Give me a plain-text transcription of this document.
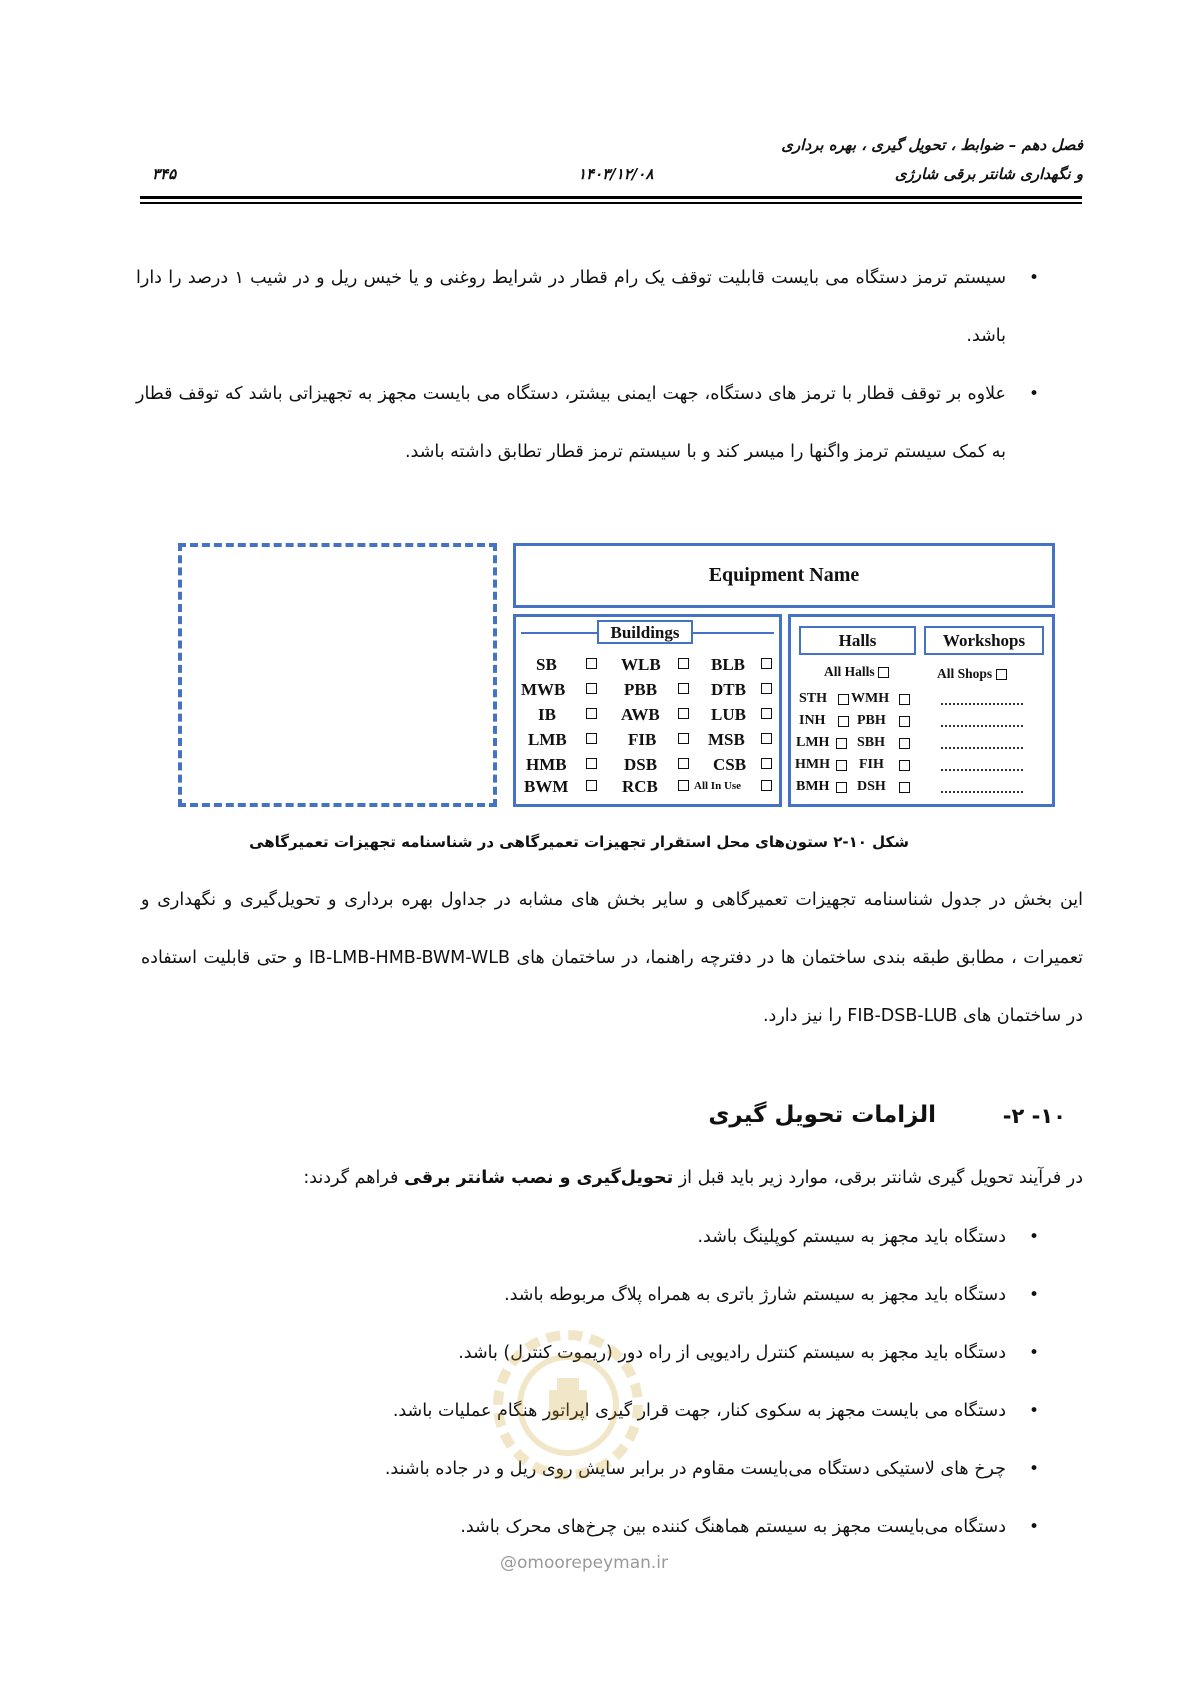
فصل دهم – ضوابط ، تحویل گیری ، بهره برداری
و نگهداری شانتر برقی شارژی
۱۴۰۳/۱۲/۰۸
۳۴۵
• سیستم ترمز دستگاه می بایست قابلیت توقف یک رام قطار در شرایط روغنی و یا خیس ریل و در شیب ۱ درصد را دارا باشد.
• علاوه بر توقف قطار با ترمز های دستگاه، جهت ایمنی بیشتر، دستگاه می بایست مجهز به تجهیزاتی باشد که توقف قطار به کمک سیستم ترمز واگنها را میسر کند و با سیستم ترمز قطار تطابق داشته باشد.
Equipment Name
Buildings
SB	WLB	BLB
MWB	PBB	DTB
IB	AWB	LUB
LMB	FIB	MSB
HMB	DSB	CSB
BWM	RCB	All In Use
Halls	Workshops
All Halls	All Shops
STH WMH
INH PBH
LMH SBH
HMH FIH
BMH DSH
شکل ۱۰-۲ ستون‌های محل استقرار تجهیزات تعمیرگاهی در شناسنامه تجهیزات تعمیرگاهی
این بخش در جدول شناسنامه تجهیزات تعمیرگاهی و سایر بخش های مشابه در جداول بهره برداری و تحویل‌گیری و نگهداری و تعمیرات ، مطابق طبقه بندی ساختمان ها در دفترچه راهنما، در ساختمان های IB-LMB-HMB-BWM-WLB و حتی قابلیت استفاده در ساختمان های FIB-DSB-LUB را نیز دارد.
۱۰- ۲-
الزامات تحویل گیری
در فرآیند تحویل گیری شانتر برقی، موارد زیر باید قبل از تحویل‌گیری و نصب شانتر برقی فراهم گردند:
• دستگاه باید مجهز به سیستم کوپلینگ باشد.
• دستگاه باید مجهز به سیستم شارژ باتری به همراه پلاگ مربوطه باشد.
• دستگاه باید مجهز به سیستم کنترل رادیویی از راه دور (ریموت کنترل) باشد.
• دستگاه می بایست مجهز به سکوی کنار، جهت قرار گیری اپراتور هنگام عملیات باشد.
• چرخ های لاستیکی دستگاه می‌بایست مقاوم در برابر سایش روی ریل و در جاده باشند.
• دستگاه می‌بایست مجهز به سیستم هماهنگ کننده بین چرخ‌های محرک باشد.
@omoorepeyman.ir
